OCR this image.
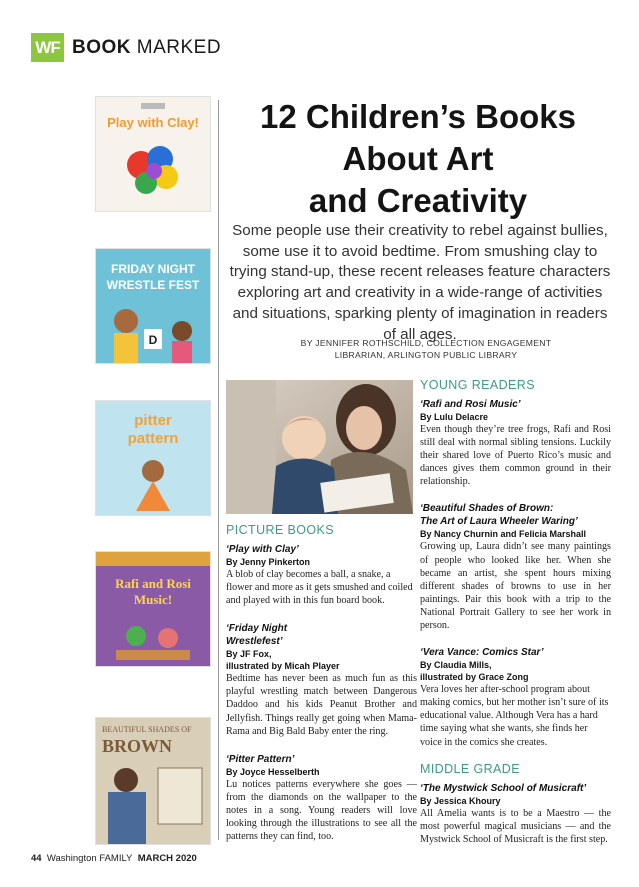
WF BOOK MARKED
Play with Clay!
FRIDAY NIGHT
WRESTLE FEST
D
pitter
pattern
Rafi and Rosi
Music!
BEAUTIFUL SHADES OF
BROWN
12 Children’s Books
About Art
and Creativity
Some people use their creativity to rebel against bullies, some use it to avoid bedtime. From smushing clay to trying stand-up, these recent releases feature characters exploring art and creativity in a wide-range of activities and situations, sparking plenty of imagination in readers of all ages.
BY JENNIFER ROTHSCHILD, COLLECTION ENGAGEMENT
LIBRARIAN, ARLINGTON PUBLIC LIBRARY
PICTURE BOOKS
‘Play with Clay’
By Jenny Pinkerton
A blob of clay becomes a ball, a snake, a flower and more as it gets smushed and coiled and played with in this fun board book.
‘Friday Night
Wrestlefest’
By JF Fox,
illustrated by Micah Player
Bedtime has never been as much fun as this playful wrestling match between Dangerous Daddoo and his kids Peanut Brother and Jellyfish. Things really get going when Mama-Rama and Big Bald Baby enter the ring.
‘Pitter Pattern’
By Joyce Hesselberth
Lu notices patterns everywhere she goes — from the diamonds on the wallpaper to the notes in a song. Young readers will love looking through the illustrations to see all the patterns they can find, too.
YOUNG READERS
‘Rafi and Rosi Music’
By Lulu Delacre
Even though they’re tree frogs, Rafi and Rosi still deal with normal sibling tensions. Luckily their shared love of Puerto Rico’s music and dances gives them common ground in their relationship.
‘Beautiful Shades of Brown:
The Art of Laura Wheeler Waring’
By Nancy Churnin and Felicia Marshall
Growing up, Laura didn’t see many paintings of people who looked like her. When she became an artist, she spent hours mixing different shades of browns to use in her paintings. Pair this book with a trip to the National Portrait Gallery to see her work in person.
‘Vera Vance: Comics Star’
By Claudia Mills,
illustrated by Grace Zong
Vera loves her after-school program about making comics, but her mother isn’t sure of its educational value. Although Vera has a hard time saying what she wants, she finds her voice in the comics she creates.
MIDDLE GRADE
‘The Mystwick School of Musicraft’
By Jessica Khoury
All Amelia wants is to be a Maestro — the most powerful magical musicians — and the Mystwick School of Musicraft is the first step.
44 Washington FAMILY MARCH 2020
